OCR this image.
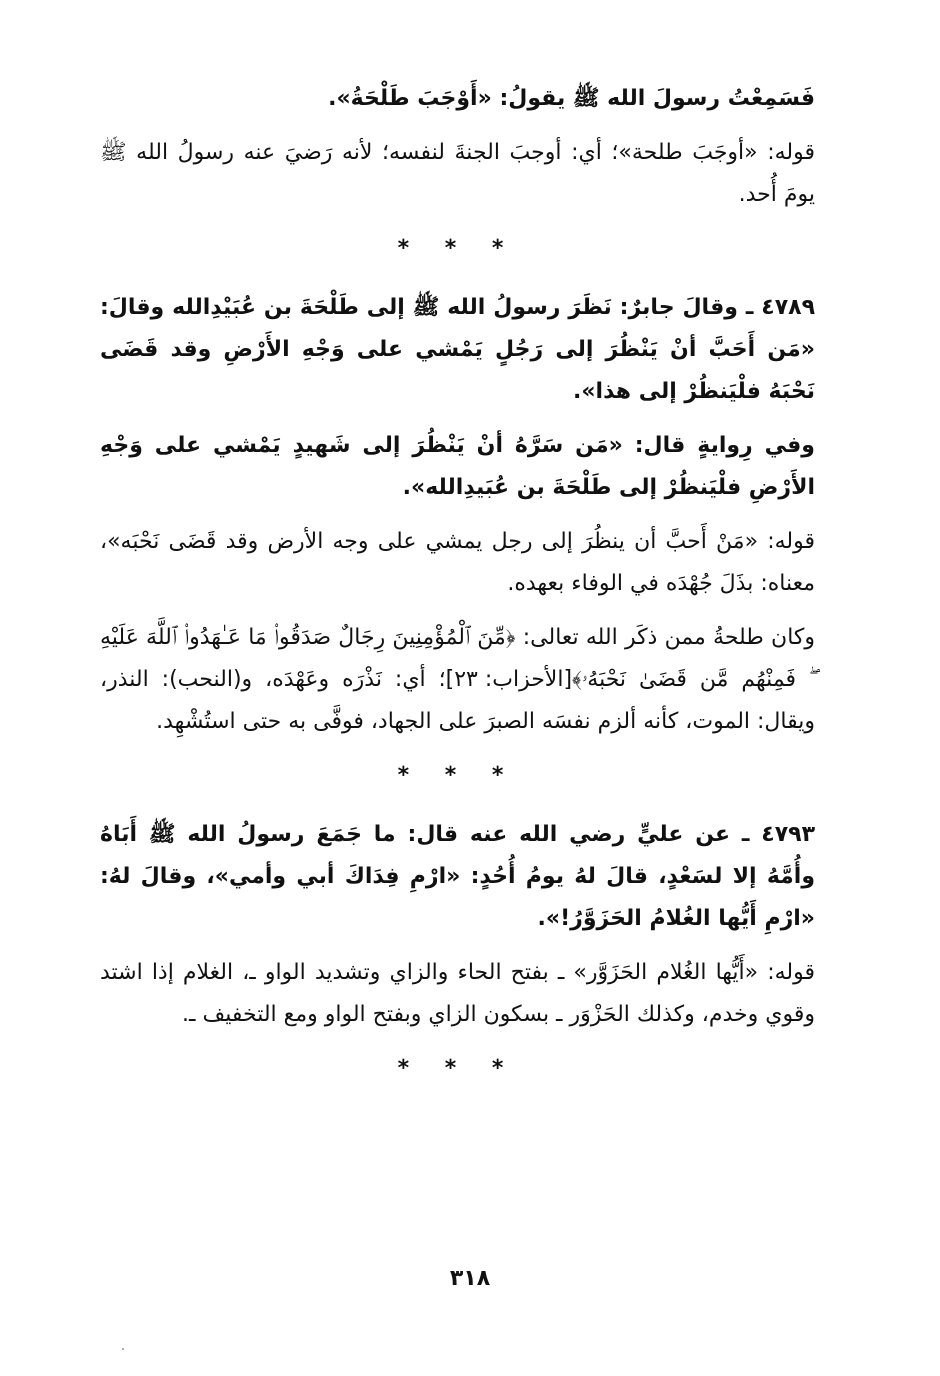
فَسَمِعْتُ رسولَ الله ﷺ يقولُ: «أَوْجَبَ طَلْحَةُ».

قوله: «أوجَبَ طلحة»؛ أي: أوجبَ الجنةَ لنفسه؛ لأنه رَضيَ عنه رسولُ الله ﷺ يومَ أُحد.

* * *

٤٧٨٩ ـ وقالَ جابرٌ: نَظَرَ رسولُ الله ﷺ إلى طَلْحَةَ بن عُبَيْدِالله وقالَ: «مَن أَحَبَّ أنْ يَنْظُرَ إلى رَجُلٍ يَمْشي على وَجْهِ الأَرْضِ وقد قَضَى نَحْبَهُ فلْيَنظُرْ إلى هذا».

وفي رِوايةٍ قال: «مَن سَرَّهُ أنْ يَنْظُرَ إلى شَهيدٍ يَمْشي على وَجْهِ الأَرْضِ فلْيَنظُرْ إلى طَلْحَةَ بن عُبَيدِالله».

قوله: «مَنْ أَحبَّ أن ينظُرَ إلى رجل يمشي على وجه الأرض وقد قَضَى نَحْبَه»، معناه: بذَلَ جُهْدَه في الوفاء بعهده.

وكان طلحةُ ممن ذكَر الله تعالى: ﴿مِّنَ ٱلْمُؤْمِنِينَ رِجَالٌ صَدَقُوا۟ مَا عَـٰهَدُوا۟ ٱللَّهَ عَلَيْهِ ۖ فَمِنْهُم مَّن قَضَىٰ نَحْبَهُۥ﴾[الأحزاب: ٢٣]؛ أي: نَذْرَه وعَهْدَه، و(النحب): النذر، ويقال: الموت، كأنه ألزم نفسَه الصبرَ على الجهاد، فوفَّى به حتى استُشْهِد.

* * *

٤٧٩٣ ـ عن عليٍّ رضي الله عنه قال: ما جَمَعَ رسولُ الله ﷺ أَبَاهُ وأُمَّهُ إلا لسَعْدٍ، قالَ لهُ يومُ أُحُدٍ: «ارْمِ فِدَاكَ أبي وأمي»، وقالَ لهُ: «ارْمِ أَيُّها الغُلامُ الحَزَوَّرُ!».

قوله: «أَيُّها الغُلام الحَزَوَّر» ـ بفتح الحاء والزاي وتشديد الواو ـ، الغلام إذا اشتد وقوي وخدم، وكذلك الحَزْوَر ـ بسكون الزاي وبفتح الواو ومع التخفيف ـ.

* * *
٣١٨
